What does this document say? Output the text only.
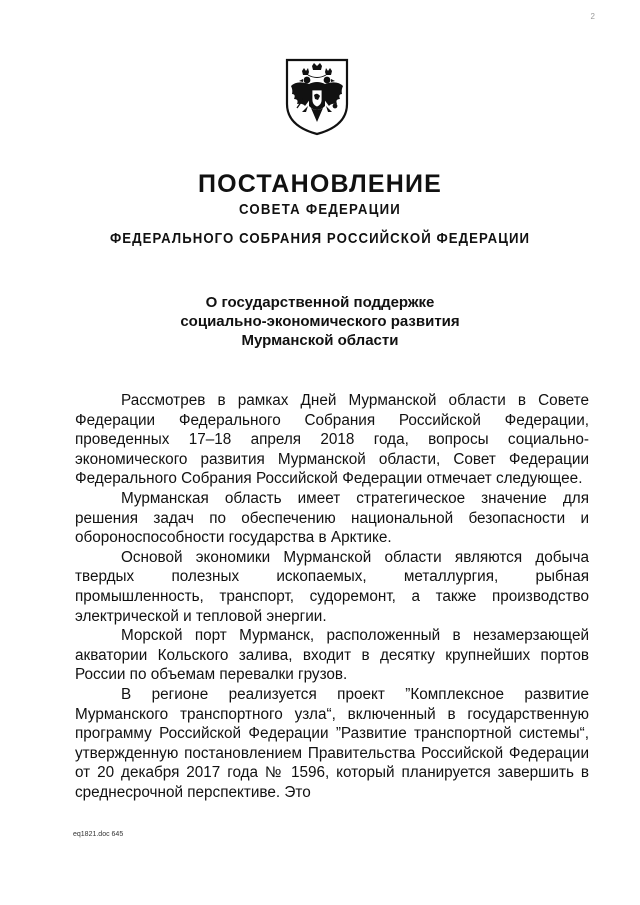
2
ПОСТАНОВЛЕНИЕ
СОВЕТА ФЕДЕРАЦИИ
ФЕДЕРАЛЬНОГО СОБРАНИЯ РОССИЙСКОЙ ФЕДЕРАЦИИ
О государственной поддержке
социально-экономического развития
Мурманской области

Рассмотрев в рамках Дней Мурманской области в Совете Федерации Федерального Собрания Российской Федерации, проведенных 17–18 апреля 2018 года, вопросы социально-экономического развития Мурманской области, Совет Федерации Федерального Собрания Российской Федерации отмечает следующее.

Мурманская область имеет стратегическое значение для решения задач по обеспечению национальной безопасности и обороноспособности государства в Арктике.

Основой экономики Мурманской области являются добыча твердых полезных ископаемых, металлургия, рыбная промышленность, транспорт, судоремонт, а также производство электрической и тепловой энергии.

Морской порт Мурманск, расположенный в незамерзающей акватории Кольского залива, входит в десятку крупнейших портов России по объемам перевалки грузов.

В регионе реализуется проект ”Комплексное развитие Мурманского транспортного узла“, включенный в государственную программу Российской Федерации ”Развитие транспортной системы“, утвержденную постановлением Правительства Российской Федерации от 20 декабря 2017 года № 1596, который планируется завершить в среднесрочной перспективе. Это

eq1821.doc 645
